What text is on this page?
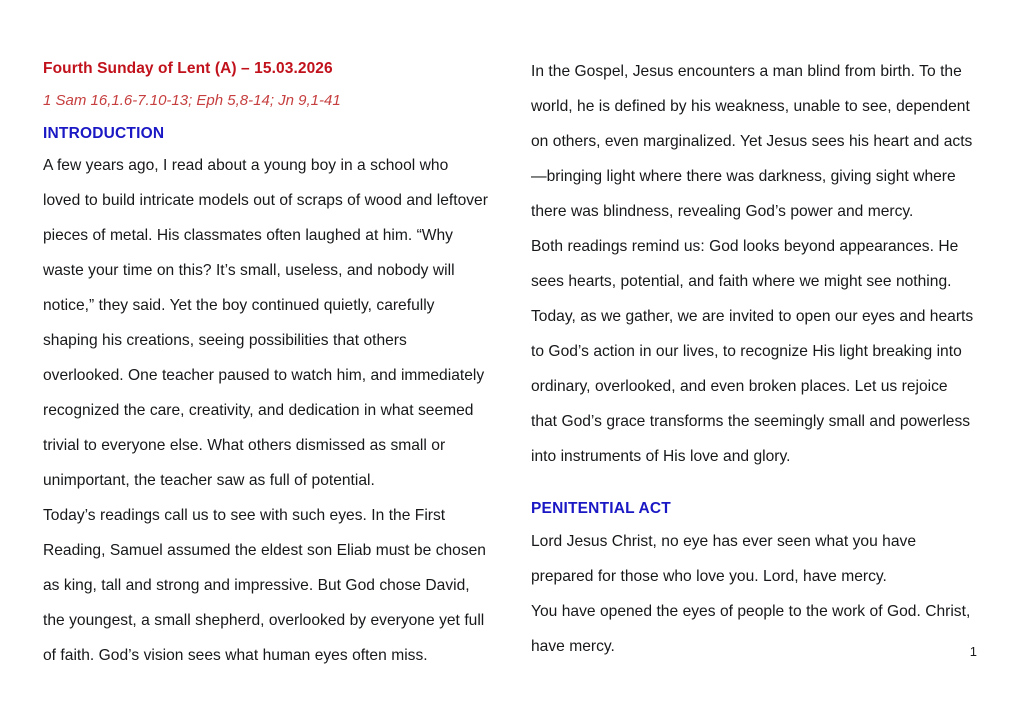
Fourth Sunday of Lent (A) – 15.03.2026
1 Sam 16,1.6-7.10-13; Eph 5,8-14; Jn 9,1-41
INTRODUCTION

A few years ago, I read about a young boy in a school who loved to build intricate models out of scraps of wood and leftover pieces of metal. His classmates often laughed at him. “Why waste your time on this? It’s small, useless, and nobody will notice,” they said. Yet the boy continued quietly, carefully shaping his creations, seeing possibilities that others overlooked. One teacher paused to watch him, and immediately recognized the care, creativity, and dedication in what seemed trivial to everyone else. What others dismissed as small or unimportant, the teacher saw as full of potential.

Today’s readings call us to see with such eyes. In the First Reading, Samuel assumed the eldest son Eliab must be chosen as king, tall and strong and impressive. But God chose David, the youngest, a small shepherd, overlooked by everyone yet full of faith. God’s vision sees what human eyes often miss.

In the Gospel, Jesus encounters a man blind from birth. To the world, he is defined by his weakness, unable to see, dependent on others, even marginalized. Yet Jesus sees his heart and acts—bringing light where there was darkness, giving sight where there was blindness, revealing God’s power and mercy.

Both readings remind us: God looks beyond appearances. He sees hearts, potential, and faith where we might see nothing. Today, as we gather, we are invited to open our eyes and hearts to God’s action in our lives, to recognize His light breaking into ordinary, overlooked, and even broken places. Let us rejoice that God’s grace transforms the seemingly small and powerless into instruments of His love and glory.

PENITENTIAL ACT

Lord Jesus Christ, no eye has ever seen what you have prepared for those who love you. Lord, have mercy.

You have opened the eyes of people to the work of God. Christ, have mercy.	1
